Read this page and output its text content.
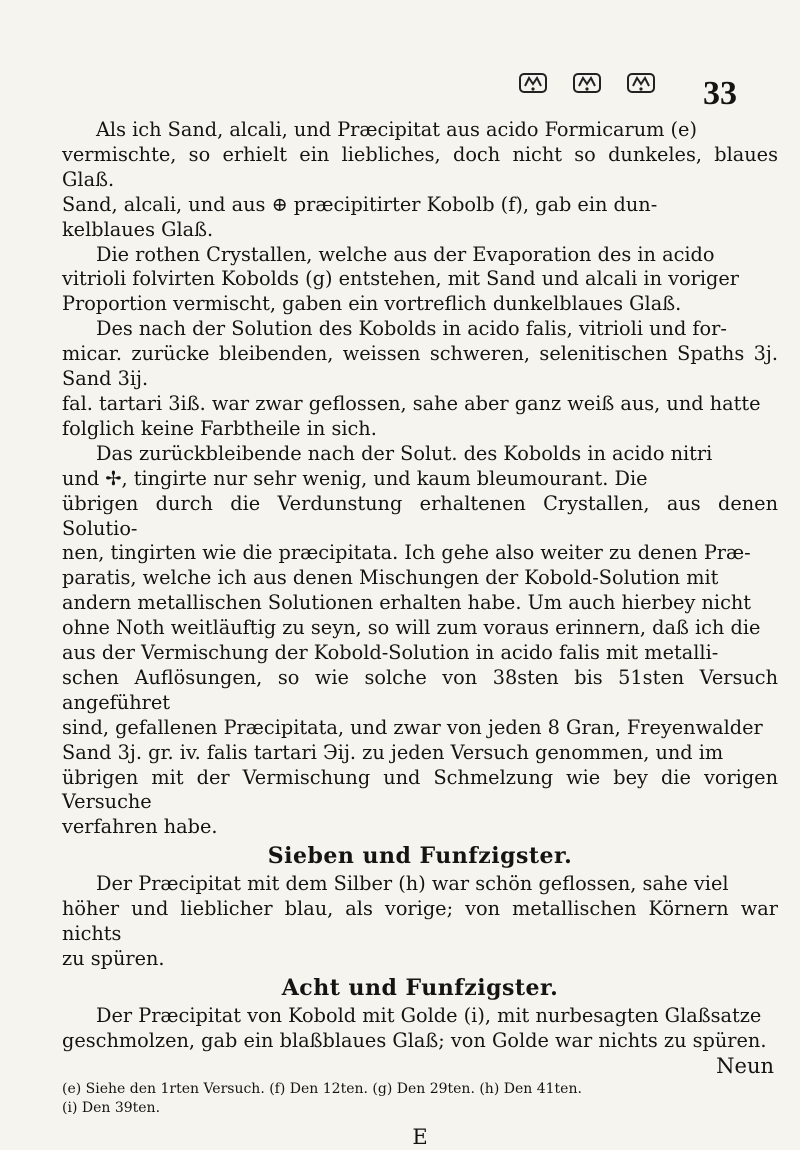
33

Als ich Sand, alcali, und Præcipitat aus acido Formicarum (e)
vermischte, so erhielt ein liebliches, doch nicht so dunkeles, blaues Glaß.
Sand, alcali, und aus ⊕ præcipitirter Kobolb (f), gab ein dun-
kelblaues Glaß.

Die rothen Crystallen, welche aus der Evaporation des in acido
vitrioli folvirten Kobolds (g) entstehen, mit Sand und alcali in voriger
Proportion vermischt, gaben ein vortreflich dunkelblaues Glaß.

Des nach der Solution des Kobolds in acido falis, vitrioli und for-
micar. zurücke bleibenden, weissen schweren, selenitischen Spaths 3j. Sand 3ij.
fal. tartari 3iß. war zwar geflossen, sahe aber ganz weiß aus, und hatte
folglich keine Farbtheile in sich.

Das zurückbleibende nach der Solut. des Kobolds in acido nitri
und ✢, tingirte nur sehr wenig, und kaum bleumourant. Die
übrigen durch die Verdunstung erhaltenen Crystallen, aus denen Solutio-
nen, tingirten wie die præcipitata. Ich gehe also weiter zu denen Præ-
paratis, welche ich aus denen Mischungen der Kobold-Solution mit
andern metallischen Solutionen erhalten habe. Um auch hierbey nicht
ohne Noth weitläuftig zu seyn, so will zum voraus erinnern, daß ich die
aus der Vermischung der Kobold-Solution in acido falis mit metalli-
schen Auflösungen, so wie solche von 38sten bis 51sten Versuch angeführet
sind, gefallenen Præcipitata, und zwar von jeden 8 Gran, Freyenwalder
Sand 3j. gr. iv. falis tartari Эij. zu jeden Versuch genommen, und im
übrigen mit der Vermischung und Schmelzung wie bey die vorigen Versuche
verfahren habe.

Sieben und Funfzigster.

Der Præcipitat mit dem Silber (h) war schön geflossen, sahe viel
höher und lieblicher blau, als vorige; von metallischen Körnern war nichts
zu spüren.

Acht und Funfzigster.

Der Præcipitat von Kobold mit Golde (i), mit nurbesagten Glaßsatze
geschmolzen, gab ein blaßblaues Glaß; von Golde war nichts zu spüren.

Neun
(e) Siehe den 1rten Versuch. (f) Den 12ten. (g) Den 29ten. (h) Den 41ten.
(i) Den 39ten.
E
